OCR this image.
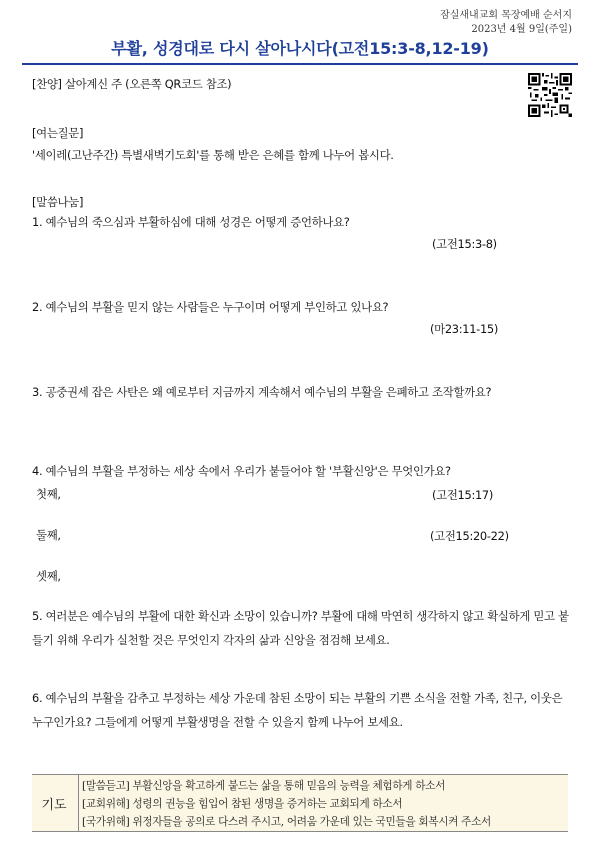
잠실새내교회 목장예배 순서지
2023년 4월 9일(주일)
부활, 성경대로 다시 살아나시다(고전15:3-8,12-19)
[찬양] 살아계신 주 (오른쪽 QR코드 참조)
[여는질문]
'세이레(고난주간) 특별새벽기도회'를 통해 받은 은혜를 함께 나누어 봅시다.
[말씀나눔]
1. 예수님의 죽으심과 부활하심에 대해 성경은 어떻게 증언하나요?
(고전15:3-8)
2. 예수님의 부활을 믿지 않는 사람들은 누구이며 어떻게 부인하고 있나요?
(마23:11-15)
3. 공중권세 잡은 사탄은 왜 예로부터 지금까지 계속해서 예수님의 부활을 은폐하고 조작할까요?
4. 예수님의 부활을 부정하는 세상 속에서 우리가 붙들어야 할 '부활신앙'은 무엇인가요?
첫째,	(고전15:17)
둘째,	(고전15:20-22)
셋째,
5. 여러분은 예수님의 부활에 대한 확신과 소망이 있습니까? 부활에 대해 막연히 생각하지 않고 확실하게 믿고 붙들기 위해 우리가 실천할 것은 무엇인지 각자의 삶과 신앙을 점검해 보세요.
6. 예수님의 부활을 감추고 부정하는 세상 가운데 참된 소망이 되는 부활의 기쁜 소식을 전할 가족, 친구, 이웃은 누구인가요? 그들에게 어떻게 부활생명을 전할 수 있을지 함께 나누어 보세요.
기도
[말씀듣고] 부활신앙을 확고하게 붙드는 삶을 통해 믿음의 능력을 체험하게 하소서
[교회위해] 성령의 권능을 힘입어 참된 생명을 증거하는 교회되게 하소서
[국가위해] 위정자들을 공의로 다스려 주시고, 어려움 가운데 있는 국민들을 회복시켜 주소서
